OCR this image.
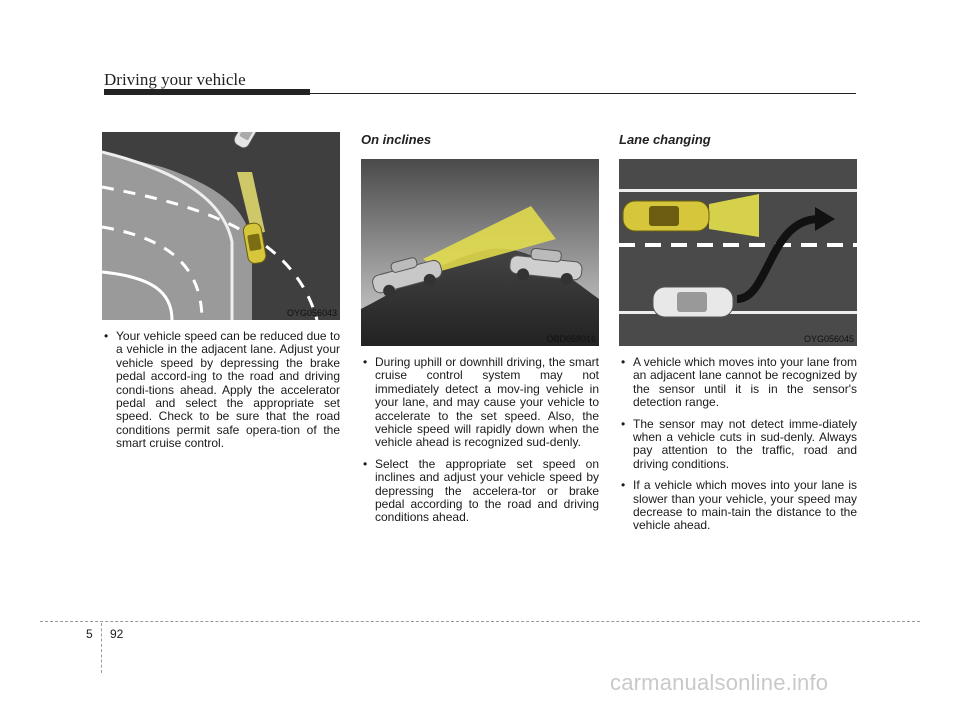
Driving your vehicle
OYG056043
• Your vehicle speed can be reduced due to a vehicle in the adjacent lane. Adjust your vehicle speed by depressing the brake pedal accord-ing to the road and driving condi-tions ahead. Apply the accelerator pedal and select the appropriate set speed. Check to be sure that the road conditions permit safe opera-tion of the smart cruise control.
On inclines
OBD058016
• During uphill or downhill driving, the smart cruise control system may not immediately detect a mov-ing vehicle in your lane, and may cause your vehicle to accelerate to the set speed. Also, the vehicle speed will rapidly down when the vehicle ahead is recognized sud-denly.
• Select the appropriate set speed on inclines and adjust your vehicle speed by depressing the accelera-tor or brake pedal according to the road and driving conditions ahead.
Lane changing
OYG056045
• A vehicle which moves into your lane from an adjacent lane cannot be recognized by the sensor until it is in the sensor's detection range.
• The sensor may not detect imme-diately when a vehicle cuts in sud-denly. Always pay attention to the traffic, road and driving conditions.
• If a vehicle which moves into your lane is slower than your vehicle, your speed may decrease to main-tain the distance to the vehicle ahead.
5 92
carmanualsonline.info
